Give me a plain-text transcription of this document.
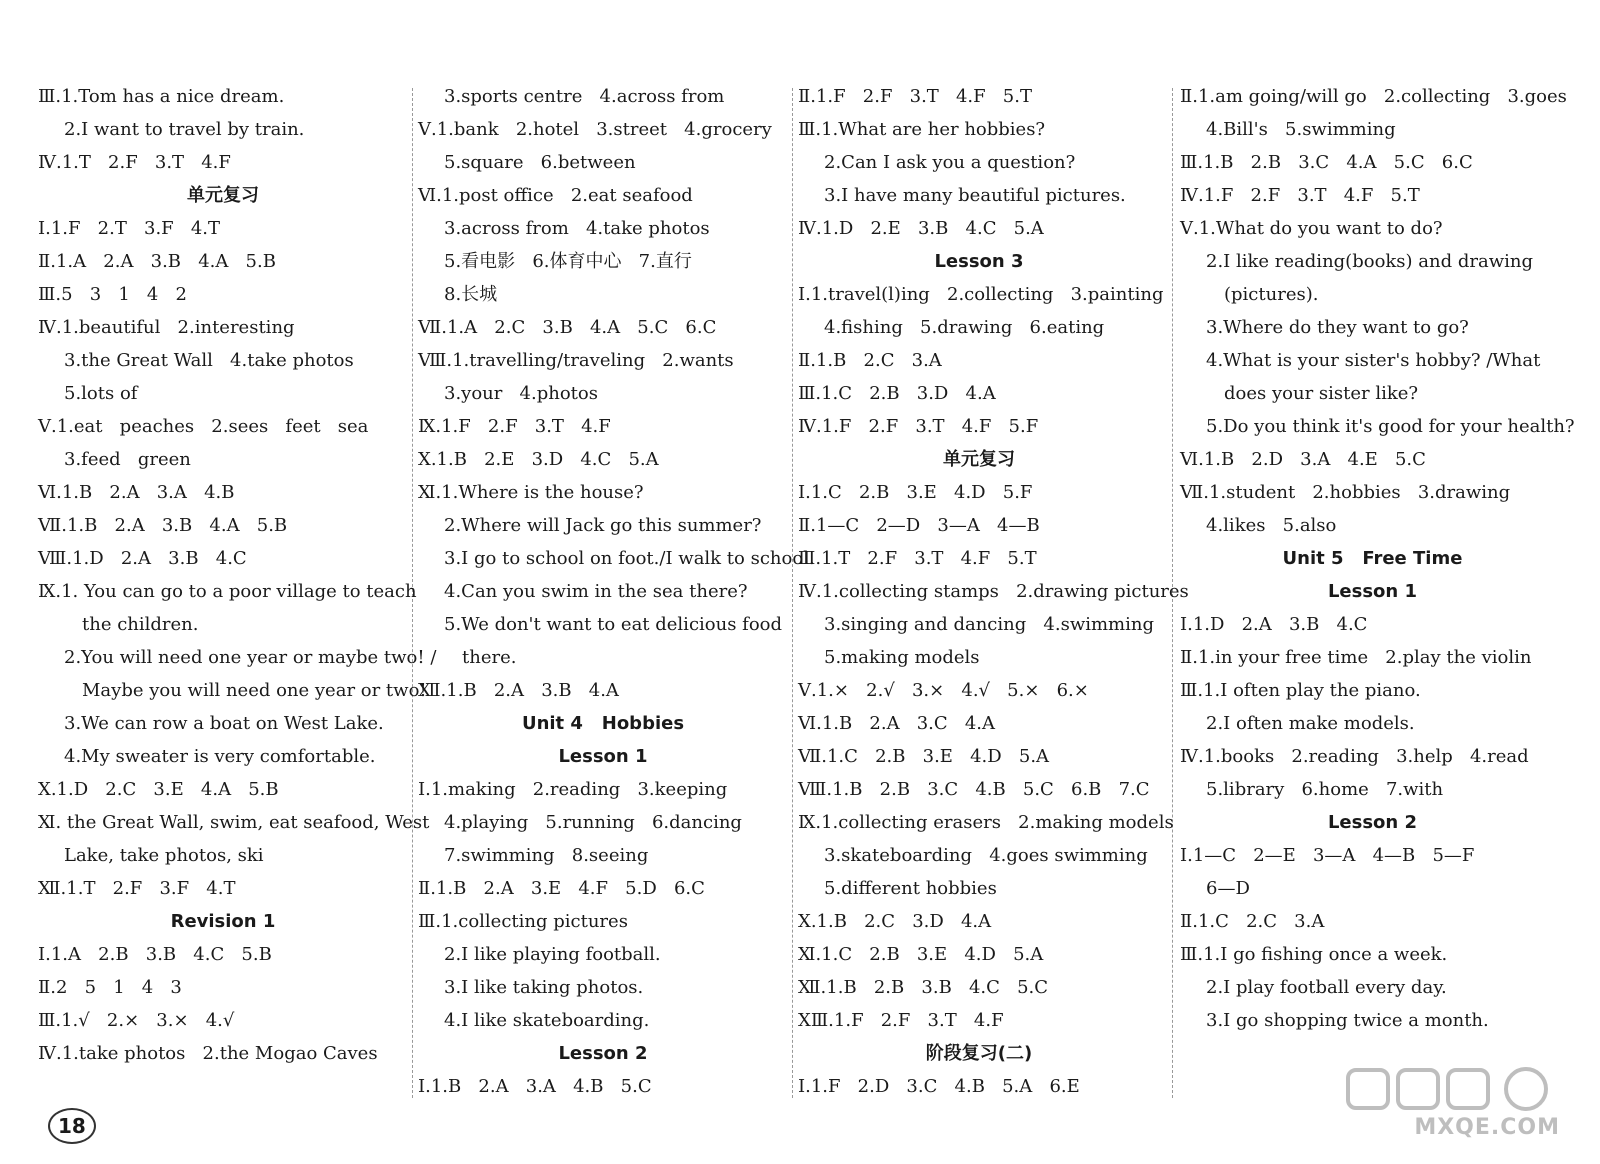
Ⅲ.1.Tom has a nice dream.
2.I want to travel by train.
Ⅳ.1.T   2.F   3.T   4.F
单元复习
Ⅰ.1.F   2.T   3.F   4.T
Ⅱ.1.A   2.A   3.B   4.A   5.B
Ⅲ.5   3   1   4   2
Ⅳ.1.beautiful   2.interesting
3.the Great Wall   4.take photos
5.lots of
Ⅴ.1.eat   peaches   2.sees   feet   sea
3.feed   green
Ⅵ.1.B   2.A   3.A   4.B
Ⅶ.1.B   2.A   3.B   4.A   5.B
Ⅷ.1.D   2.A   3.B   4.C
Ⅸ.1. You can go to a poor village to teach
the children.
2.You will need one year or maybe two! /
Maybe you will need one year or two!
3.We can row a boat on West Lake.
4.My sweater is very comfortable.
Ⅹ.1.D   2.C   3.E   4.A   5.B
Ⅺ. the Great Wall, swim, eat seafood, West
Lake, take photos, ski
Ⅻ.1.T   2.F   3.F   4.T
Revision 1
Ⅰ.1.A   2.B   3.B   4.C   5.B
Ⅱ.2   5   1   4   3
Ⅲ.1.√   2.×   3.×   4.√
Ⅳ.1.take photos   2.the Mogao Caves
3.sports centre   4.across from
Ⅴ.1.bank   2.hotel   3.street   4.grocery
5.square   6.between
Ⅵ.1.post office   2.eat seafood
3.across from   4.take photos
5.看电影   6.体育中心   7.直行
8.长城
Ⅶ.1.A   2.C   3.B   4.A   5.C   6.C
Ⅷ.1.travelling/traveling   2.wants
3.your   4.photos
Ⅸ.1.F   2.F   3.T   4.F
Ⅹ.1.B   2.E   3.D   4.C   5.A
Ⅺ.1.Where is the house?
2.Where will Jack go this summer?
3.I go to school on foot./I walk to school.
4.Can you swim in the sea there?
5.We don't want to eat delicious food
there.
Ⅻ.1.B   2.A   3.B   4.A
Unit 4   Hobbies
Lesson 1
Ⅰ.1.making   2.reading   3.keeping
4.playing   5.running   6.dancing
7.swimming   8.seeing
Ⅱ.1.B   2.A   3.E   4.F   5.D   6.C
Ⅲ.1.collecting pictures
2.I like playing football.
3.I like taking photos.
4.I like skateboarding.
Lesson 2
Ⅰ.1.B   2.A   3.A   4.B   5.C
Ⅱ.1.F   2.F   3.T   4.F   5.T
Ⅲ.1.What are her hobbies?
2.Can I ask you a question?
3.I have many beautiful pictures.
Ⅳ.1.D   2.E   3.B   4.C   5.A
Lesson 3
Ⅰ.1.travel(l)ing   2.collecting   3.painting
4.fishing   5.drawing   6.eating
Ⅱ.1.B   2.C   3.A
Ⅲ.1.C   2.B   3.D   4.A
Ⅳ.1.F   2.F   3.T   4.F   5.F
单元复习
Ⅰ.1.C   2.B   3.E   4.D   5.F
Ⅱ.1—C   2—D   3—A   4—B
Ⅲ.1.T   2.F   3.T   4.F   5.T
Ⅳ.1.collecting stamps   2.drawing pictures
3.singing and dancing   4.swimming
5.making models
Ⅴ.1.×   2.√   3.×   4.√   5.×   6.×
Ⅵ.1.B   2.A   3.C   4.A
Ⅶ.1.C   2.B   3.E   4.D   5.A
Ⅷ.1.B   2.B   3.C   4.B   5.C   6.B   7.C
Ⅸ.1.collecting erasers   2.making models
3.skateboarding   4.goes swimming
5.different hobbies
Ⅹ.1.B   2.C   3.D   4.A
Ⅺ.1.C   2.B   3.E   4.D   5.A
Ⅻ.1.B   2.B   3.B   4.C   5.C
ⅩⅢ.1.F   2.F   3.T   4.F
阶段复习(二)
Ⅰ.1.F   2.D   3.C   4.B   5.A   6.E
Ⅱ.1.am going/will go   2.collecting   3.goes
4.Bill's   5.swimming
Ⅲ.1.B   2.B   3.C   4.A   5.C   6.C
Ⅳ.1.F   2.F   3.T   4.F   5.T
Ⅴ.1.What do you want to do?
2.I like reading(books) and drawing
(pictures).
3.Where do they want to go?
4.What is your sister's hobby? /What
does your sister like?
5.Do you think it's good for your health?
Ⅵ.1.B   2.D   3.A   4.E   5.C
Ⅶ.1.student   2.hobbies   3.drawing
4.likes   5.also
Unit 5   Free Time
Lesson 1
Ⅰ.1.D   2.A   3.B   4.C
Ⅱ.1.in your free time   2.play the violin
Ⅲ.1.I often play the piano.
2.I often make models.
Ⅳ.1.books   2.reading   3.help   4.read
5.library   6.home   7.with
Lesson 2
Ⅰ.1—C   2—E   3—A   4—B   5—F
6—D
Ⅱ.1.C   2.C   3.A
Ⅲ.1.I go fishing once a week.
2.I play football every day.
3.I go shopping twice a month.
18	MXQE.COM
